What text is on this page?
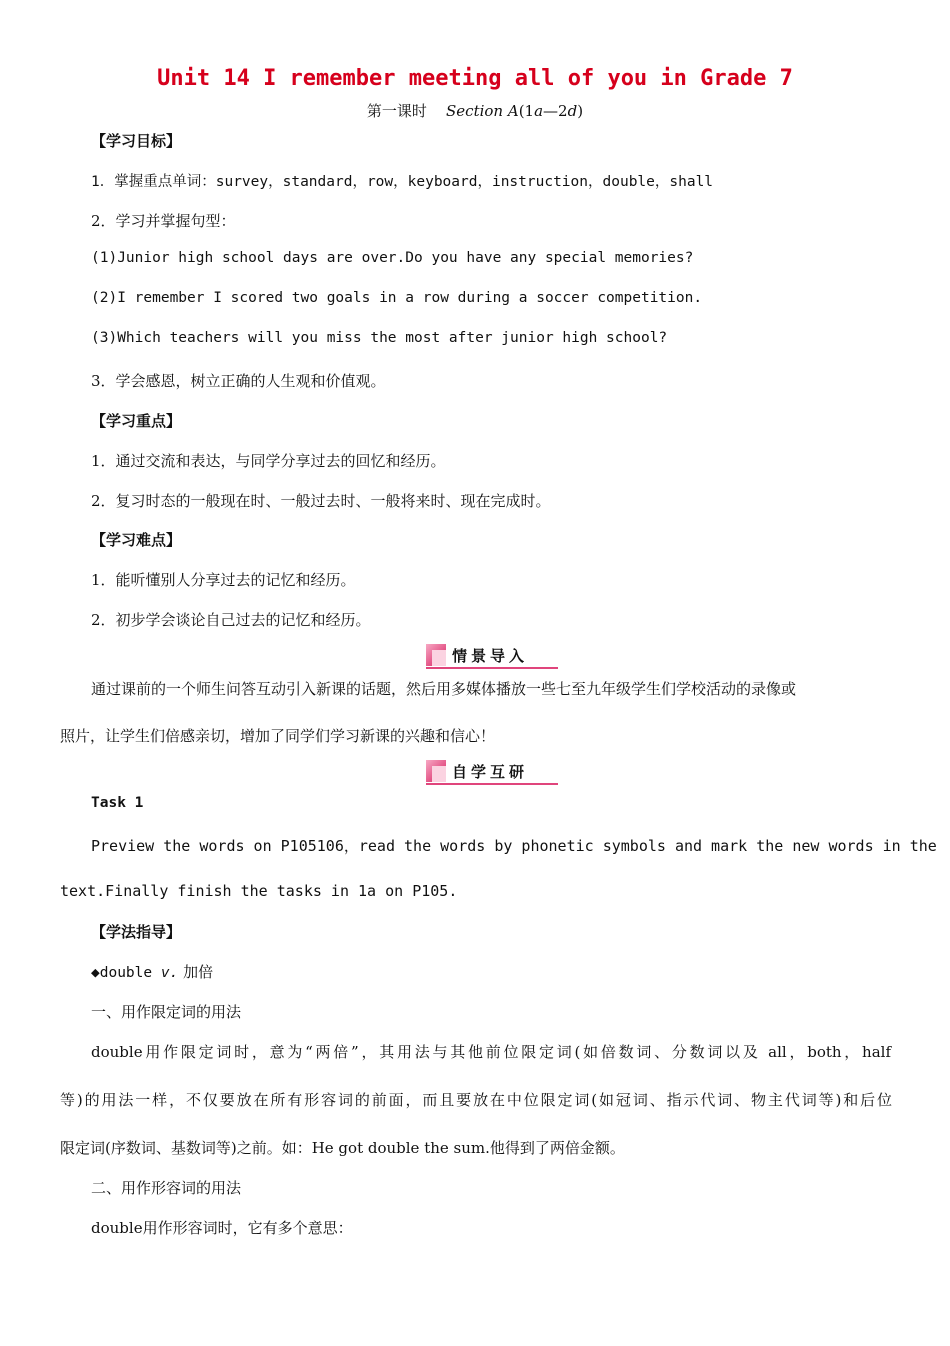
Unit 14 I remember meeting all of you in Grade 7
第一课时 Section A(1a—2d)
【学习目标】
1．掌握重点单词：survey，standard，row，keyboard，instruction，double，shall
2．学习并掌握句型：
(1)Junior high school days are over.Do you have any special memories?
(2)I remember I scored two goals in a row during a soccer competition.
(3)Which teachers will you miss the most after junior high school?
3．学会感恩，树立正确的人生观和价值观。
【学习重点】
1．通过交流和表达，与同学分享过去的回忆和经历。
2．复习时态的一般现在时、一般过去时、一般将来时、现在完成时。
【学习难点】
1．能听懂别人分享过去的记忆和经历。
2．初步学会谈论自己过去的记忆和经历。
情景导入
通过课前的一个师生问答互动引入新课的话题，然后用多媒体播放一些七至九年级学生们学校活动的录像或
照片，让学生们倍感亲切，增加了同学们学习新课的兴趣和信心！
自学互研
Task 1
Preview the words on P105106，read the words by phonetic symbols and mark the new words in the
text.Finally finish the tasks in 1a on P105.
【学法指导】
◆double v. 加倍
一、用作限定词的用法
double用作限定词时，意为“两倍”，其用法与其他前位限定词(如倍数词、分数词以及 all，both，half
等)的用法一样，不仅要放在所有形容词的前面，而且要放在中位限定词(如冠词、指示代词、物主代词等)和后位
限定词(序数词、基数词等)之前。如：He got double the sum.他得到了两倍金额。
二、用作形容词的用法
double用作形容词时，它有多个意思：
